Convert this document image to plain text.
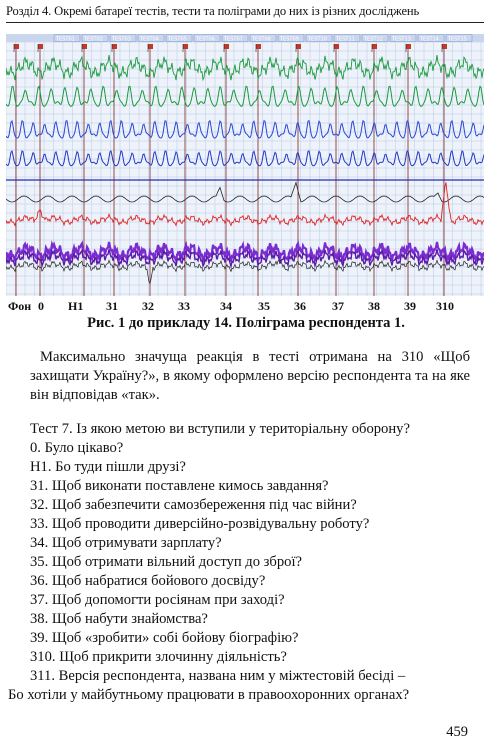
Розділ 4. Окремі батареї тестів, тести та поліграми до них із різних досліджень
TEST01 TEST02 TEST03 TEST04 TEST05 TEST06 TEST07 TEST08 TEST09 TEST10 TEST11 TEST12 TEST13 TEST14 TEST15
Фон 0 H1 31 32 33	34 35 36 37 38 39 310
Рис. 1 до прикладу 14. Поліграма респондента 1.
Максимально значуща реакція в тесті отримана на 310 «Щоб захищати Україну?», в якому оформлено версію респондента та на яке він відповідав «так».
Тест 7. Із якою метою ви вступили у територіальну оборону?
0. Було цікаво?
H1. Бо туди пішли друзі?
31. Щоб виконати поставлене кимось завдання?
32. Щоб забезпечити самозбереження під час війни?
33. Щоб проводити диверсійно-розвідувальну роботу?
34. Щоб отримувати зарплату?
35. Щоб отримати вільний доступ до зброї?
36. Щоб набратися бойового досвіду?
37. Щоб допомогти росіянам при заході?
38. Щоб набути знайомства?
39. Щоб «зробити» собі бойову біографію?
310. Щоб прикрити злочинну діяльність?
311. Версія респондента, названа ним у міжтестовій бесіді –
Бо хотіли у майбутньому працювати в правоохоронних органах?
459
